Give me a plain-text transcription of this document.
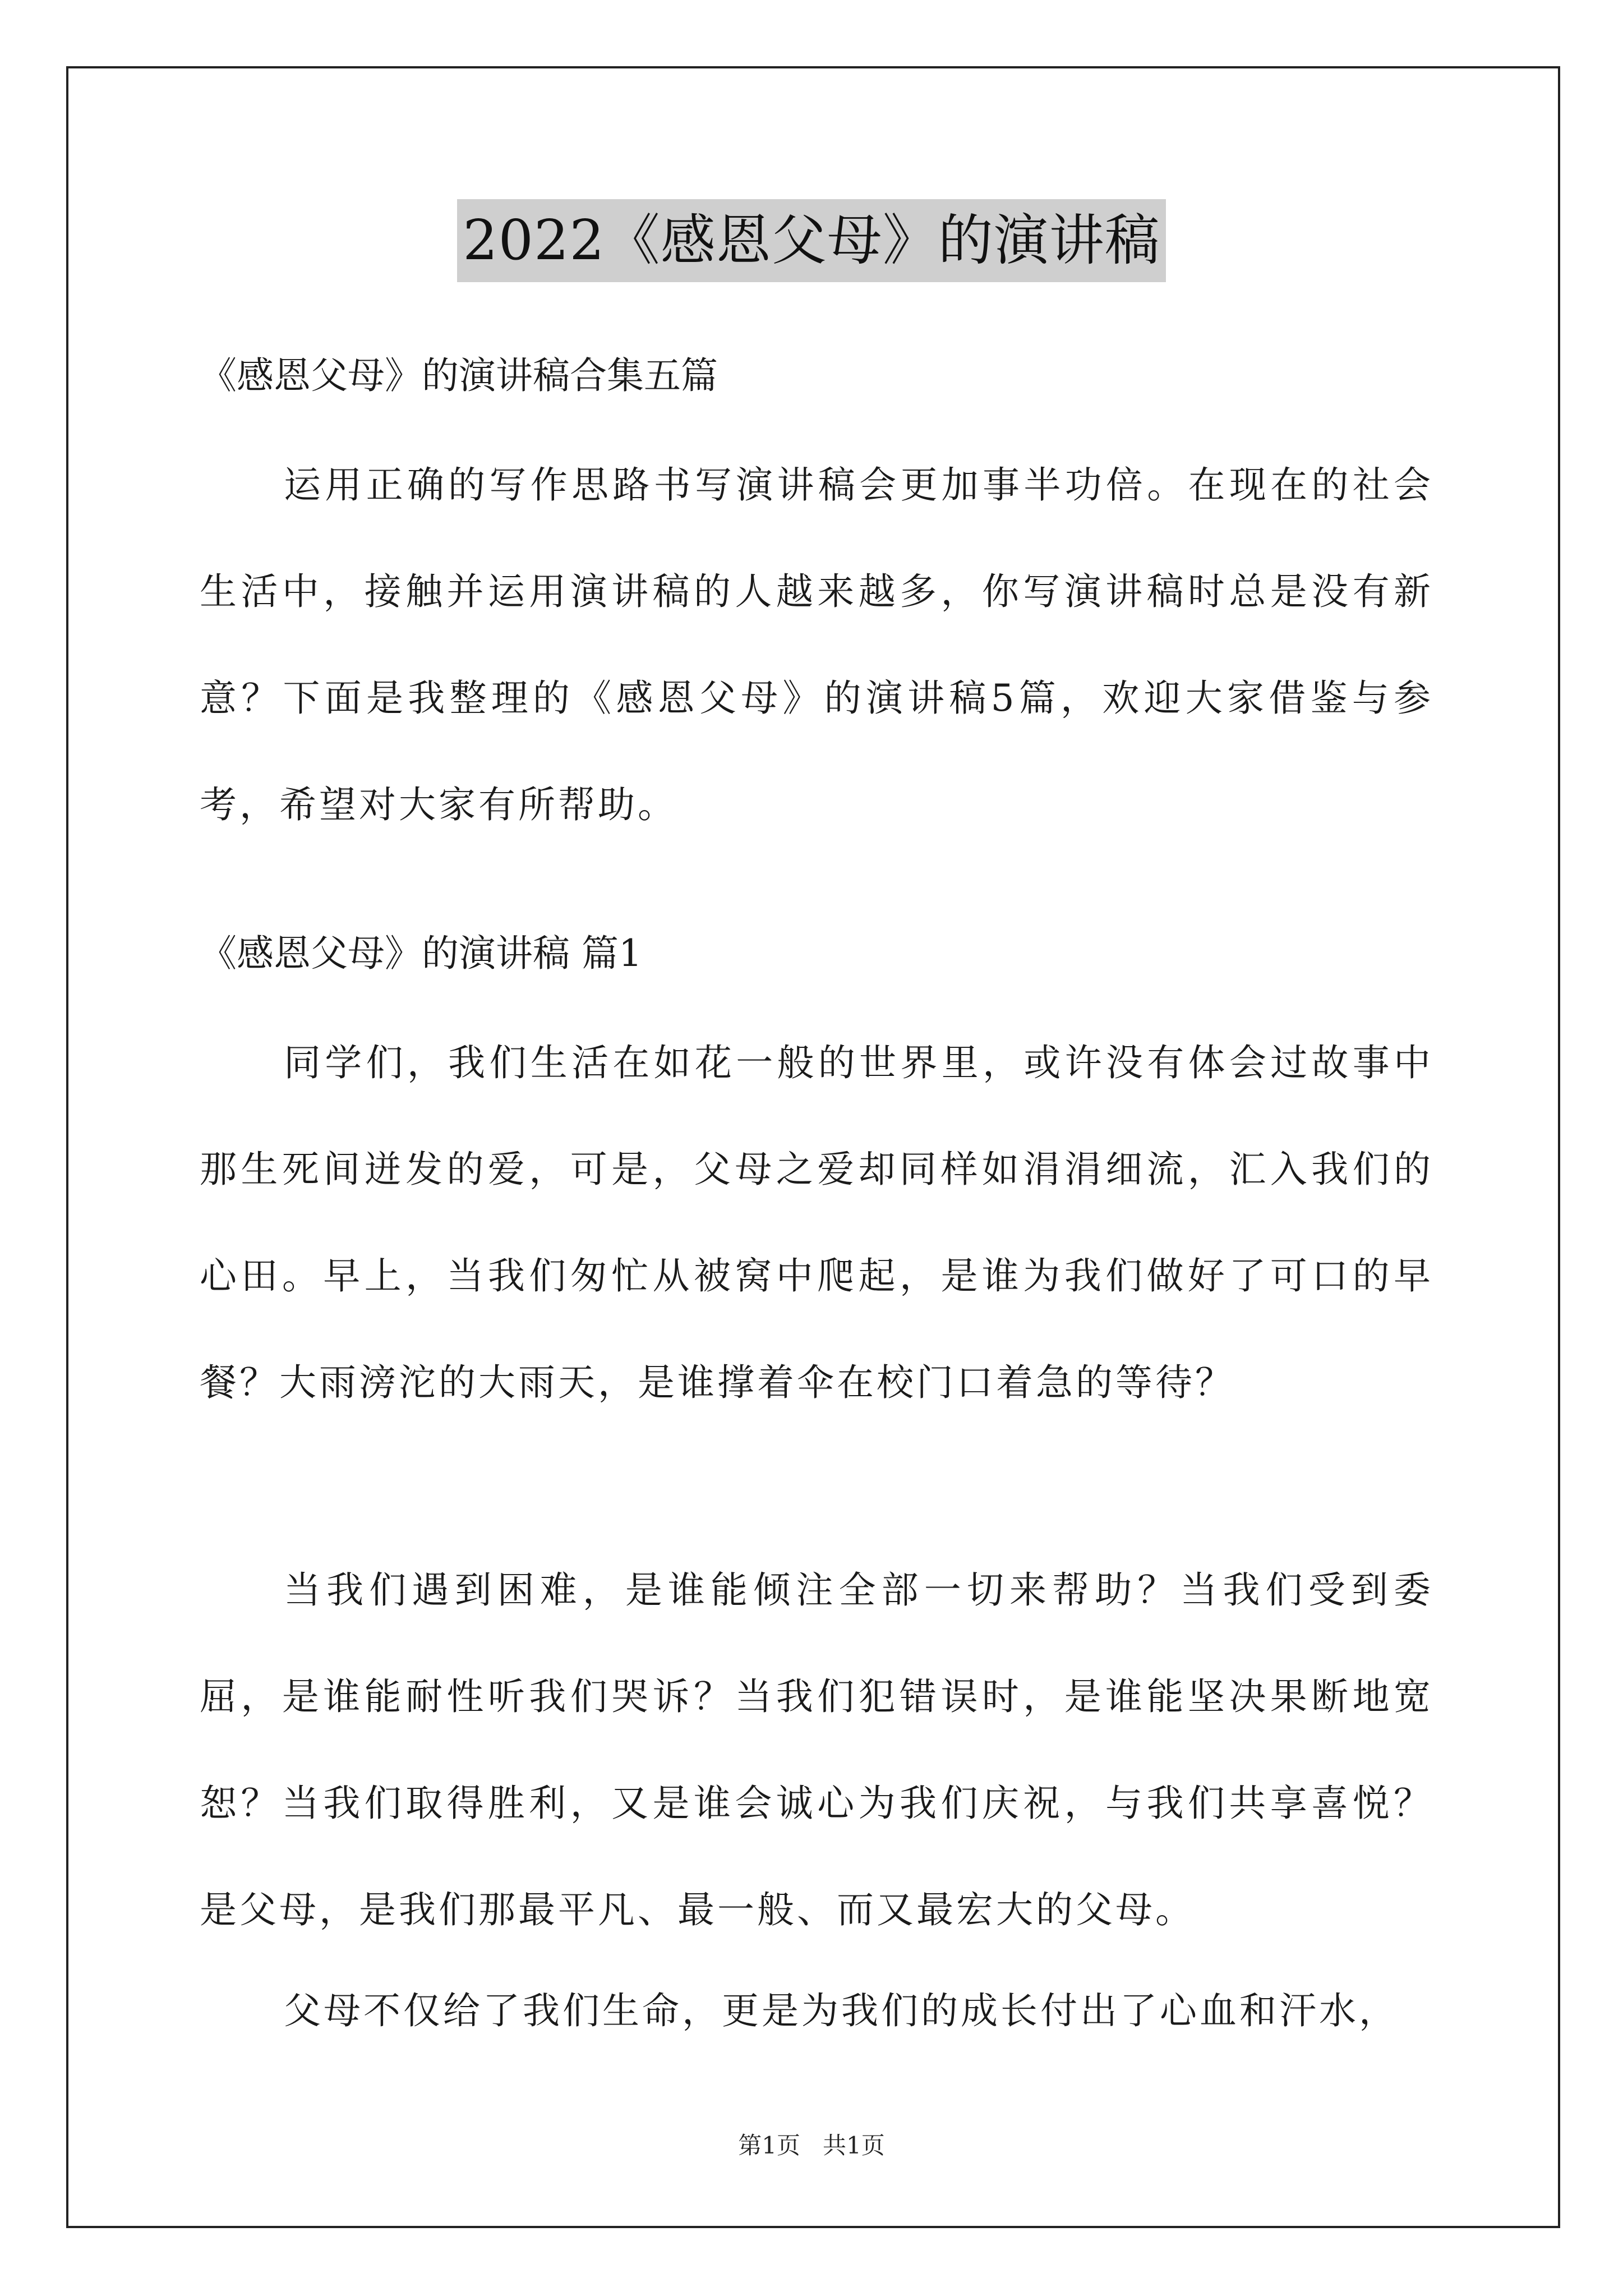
2022《感恩父母》的演讲稿
《感恩父母》的演讲稿合集五篇

运用正确的写作思路书写演讲稿会更加事半功倍。在现在的社会生活中，接触并运用演讲稿的人越来越多，你写演讲稿时总是没有新意？下面是我整理的《感恩父母》的演讲稿5篇，欢迎大家借鉴与参考，希望对大家有所帮助。

《感恩父母》的演讲稿 篇1

同学们，我们生活在如花一般的世界里，或许没有体会过故事中那生死间迸发的爱，可是，父母之爱却同样如涓涓细流，汇入我们的心田。早上，当我们匆忙从被窝中爬起，是谁为我们做好了可口的早餐？大雨滂沱的大雨天，是谁撑着伞在校门口着急的等待？

当我们遇到困难，是谁能倾注全部一切来帮助？当我们受到委屈，是谁能耐性听我们哭诉？当我们犯错误时，是谁能坚决果断地宽恕？当我们取得胜利，又是谁会诚心为我们庆祝，与我们共享喜悦？是父母，是我们那最平凡、最一般、而又最宏大的父母。

父母不仅给了我们生命，更是为我们的成长付出了心血和汗水，

第1页   共1页
